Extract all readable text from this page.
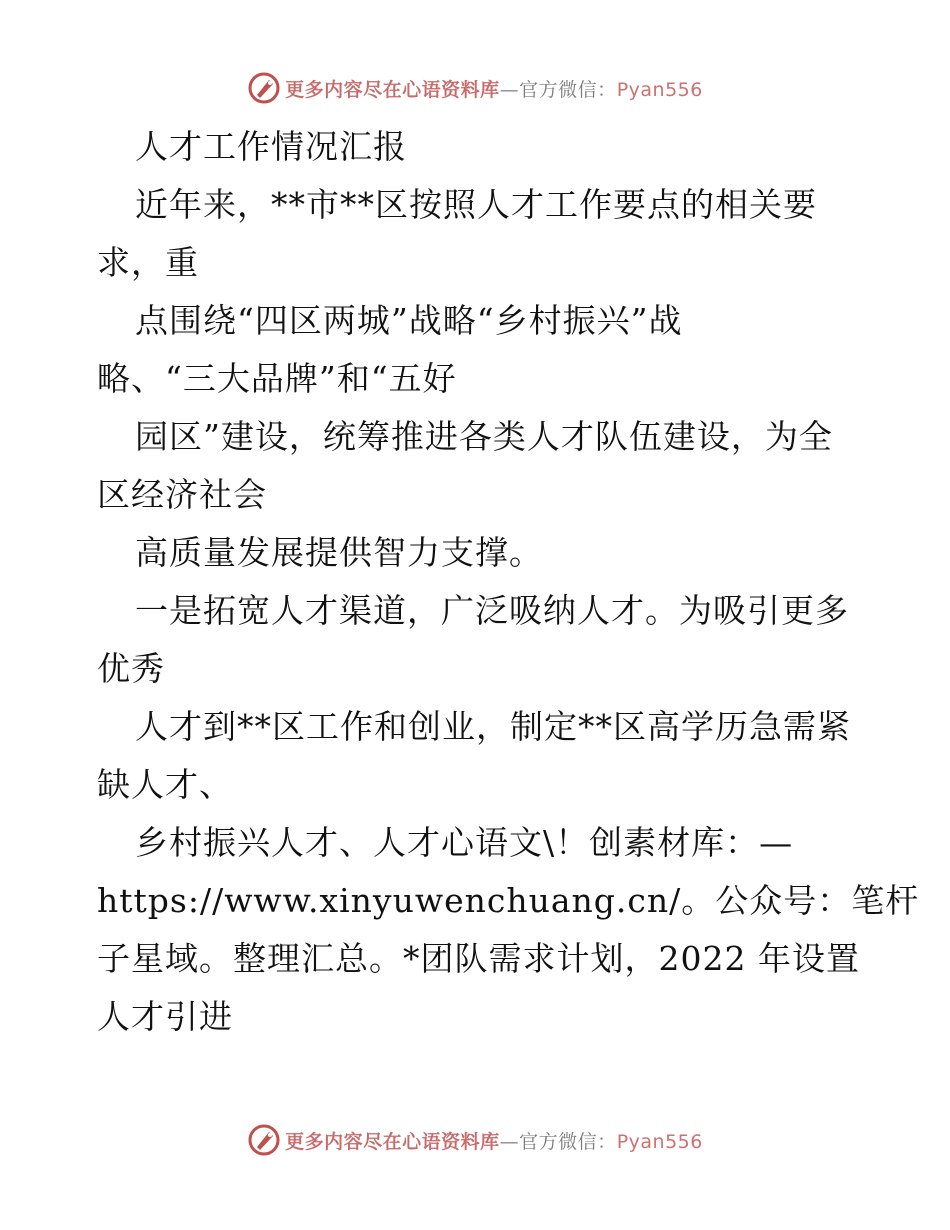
更多内容尽在心语资料库—官方微信：Pyan556
人才工作情况汇报
近年来，**市**区按照人才工作要点的相关要
求，重
点围绕“四区两城”战略“乡村振兴”战
略、“三大品牌”和“五好
园区”建设，统筹推进各类人才队伍建设，为全
区经济社会
高质量发展提供智力支撑。
一是拓宽人才渠道，广泛吸纳人才。为吸引更多
优秀
人才到**区工作和创业，制定**区高学历急需紧
缺人才、
乡村振兴人才、人才心语文\！创素材库：—
https://www.xinyuwenchuang.cn/。公众号：笔杆
子星域。整理汇总。*团队需求计划，2022 年设置
人才引进
更多内容尽在心语资料库—官方微信：Pyan556
